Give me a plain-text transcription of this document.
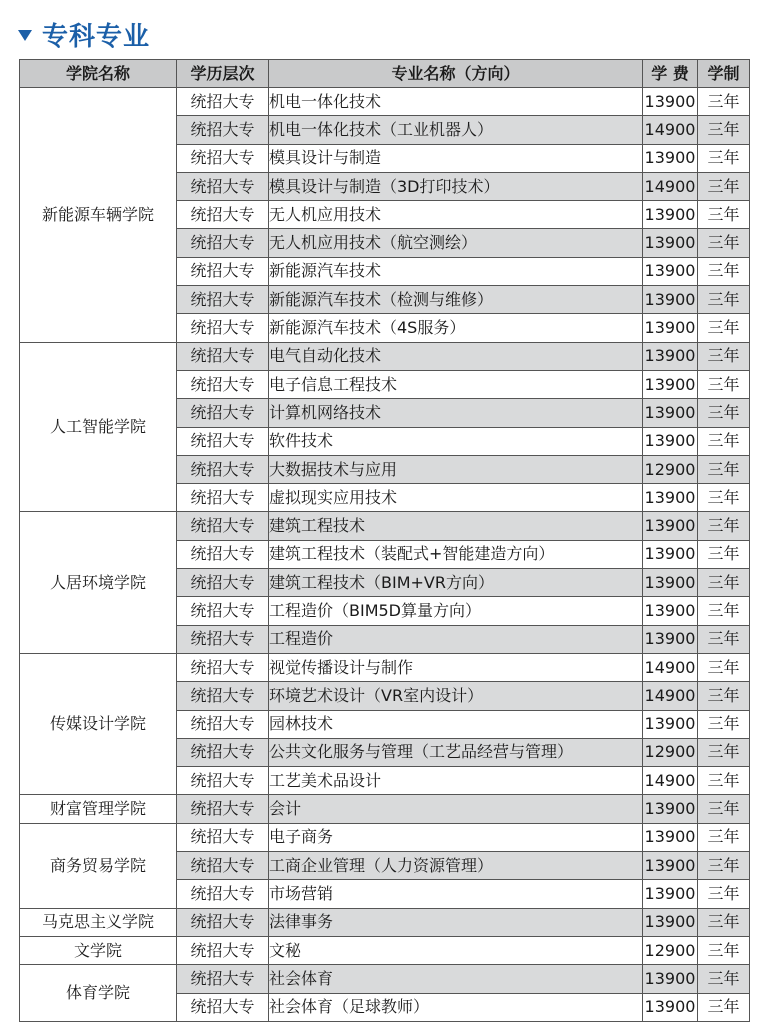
专科专业
学院名称	学历层次	专业名称（方向）	学 费	学制
新能源车辆学院	统招大专	机电一体化技术	13900	三年
	统招大专	机电一体化技术（工业机器人）	14900	三年
	统招大专	模具设计与制造	13900	三年
	统招大专	模具设计与制造（3D打印技术）	14900	三年
	统招大专	无人机应用技术	13900	三年
	统招大专	无人机应用技术（航空测绘）	13900	三年
	统招大专	新能源汽车技术	13900	三年
	统招大专	新能源汽车技术（检测与维修）	13900	三年
	统招大专	新能源汽车技术（4S服务）	13900	三年
人工智能学院	统招大专	电气自动化技术	13900	三年
	统招大专	电子信息工程技术	13900	三年
	统招大专	计算机网络技术	13900	三年
	统招大专	软件技术	13900	三年
	统招大专	大数据技术与应用	12900	三年
	统招大专	虚拟现实应用技术	13900	三年
人居环境学院	统招大专	建筑工程技术	13900	三年
	统招大专	建筑工程技术（装配式+智能建造方向）	13900	三年
	统招大专	建筑工程技术（BIM+VR方向）	13900	三年
	统招大专	工程造价（BIM5D算量方向）	13900	三年
	统招大专	工程造价	13900	三年
传媒设计学院	统招大专	视觉传播设计与制作	14900	三年
	统招大专	环境艺术设计（VR室内设计）	14900	三年
	统招大专	园林技术	13900	三年
	统招大专	公共文化服务与管理（工艺品经营与管理）	12900	三年
	统招大专	工艺美术品设计	14900	三年
财富管理学院	统招大专	会计	13900	三年
商务贸易学院	统招大专	电子商务	13900	三年
	统招大专	工商企业管理（人力资源管理）	13900	三年
	统招大专	市场营销	13900	三年
马克思主义学院	统招大专	法律事务	13900	三年
文学院	统招大专	文秘	12900	三年
体育学院	统招大专	社会体育	13900	三年
	统招大专	社会体育（足球教师）	13900	三年
